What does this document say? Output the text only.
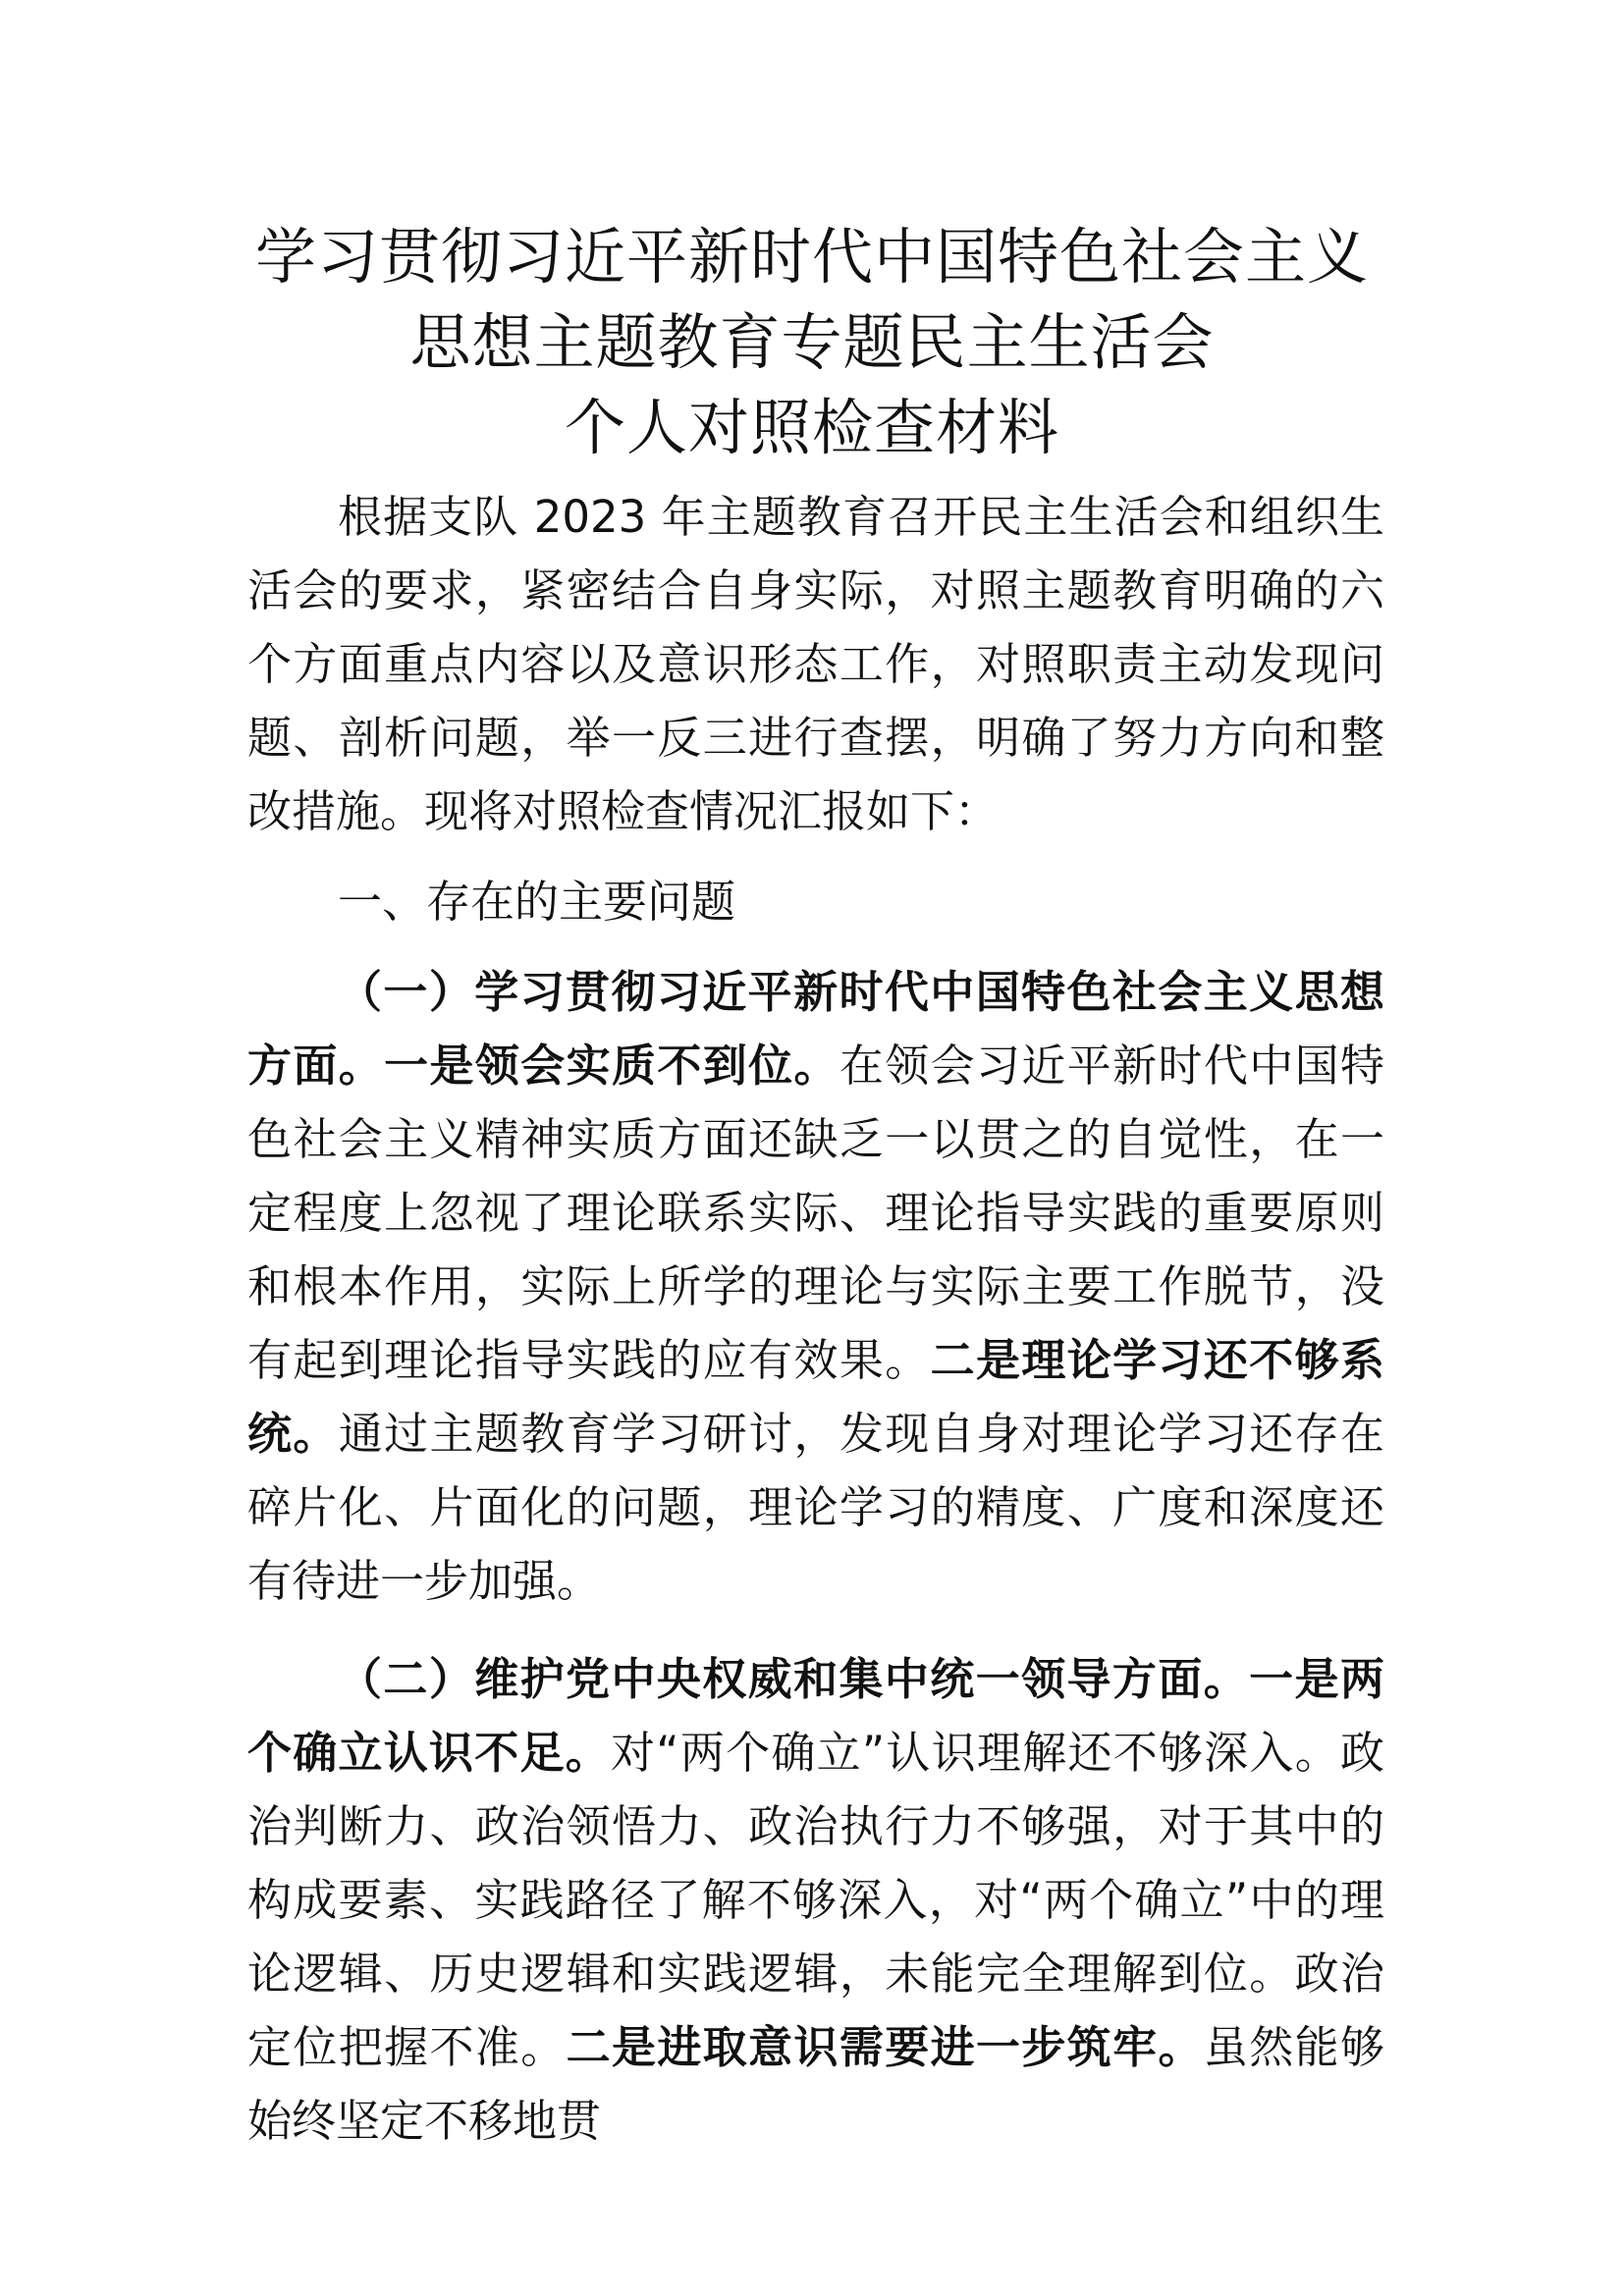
学习贯彻习近平新时代中国特色社会主义
思想主题教育专题民主生活会
个人对照检查材料

根据支队 2023 年主题教育召开民主生活会和组织生活会的要求，紧密结合自身实际，对照主题教育明确的六个方面重点内容以及意识形态工作，对照职责主动发现问题、剖析问题，举一反三进行查摆，明确了努力方向和整改措施。现将对照检查情况汇报如下：

一、存在的主要问题

（一）学习贯彻习近平新时代中国特色社会主义思想方面。一是领会实质不到位。在领会习近平新时代中国特色社会主义精神实质方面还缺乏一以贯之的自觉性，在一定程度上忽视了理论联系实际、理论指导实践的重要原则和根本作用，实际上所学的理论与实际主要工作脱节，没有起到理论指导实践的应有效果。二是理论学习还不够系统。通过主题教育学习研讨，发现自身对理论学习还存在碎片化、片面化的问题，理论学习的精度、广度和深度还有待进一步加强。

（二）维护党中央权威和集中统一领导方面。一是两个确立认识不足。对“两个确立”认识理解还不够深入。政治判断力、政治领悟力、政治执行力不够强，对于其中的构成要素、实践路径了解不够深入，对“两个确立”中的理论逻辑、历史逻辑和实践逻辑，未能完全理解到位。政治定位把握不准。二是进取意识需要进一步筑牢。虽然能够始终坚定不移地贯
